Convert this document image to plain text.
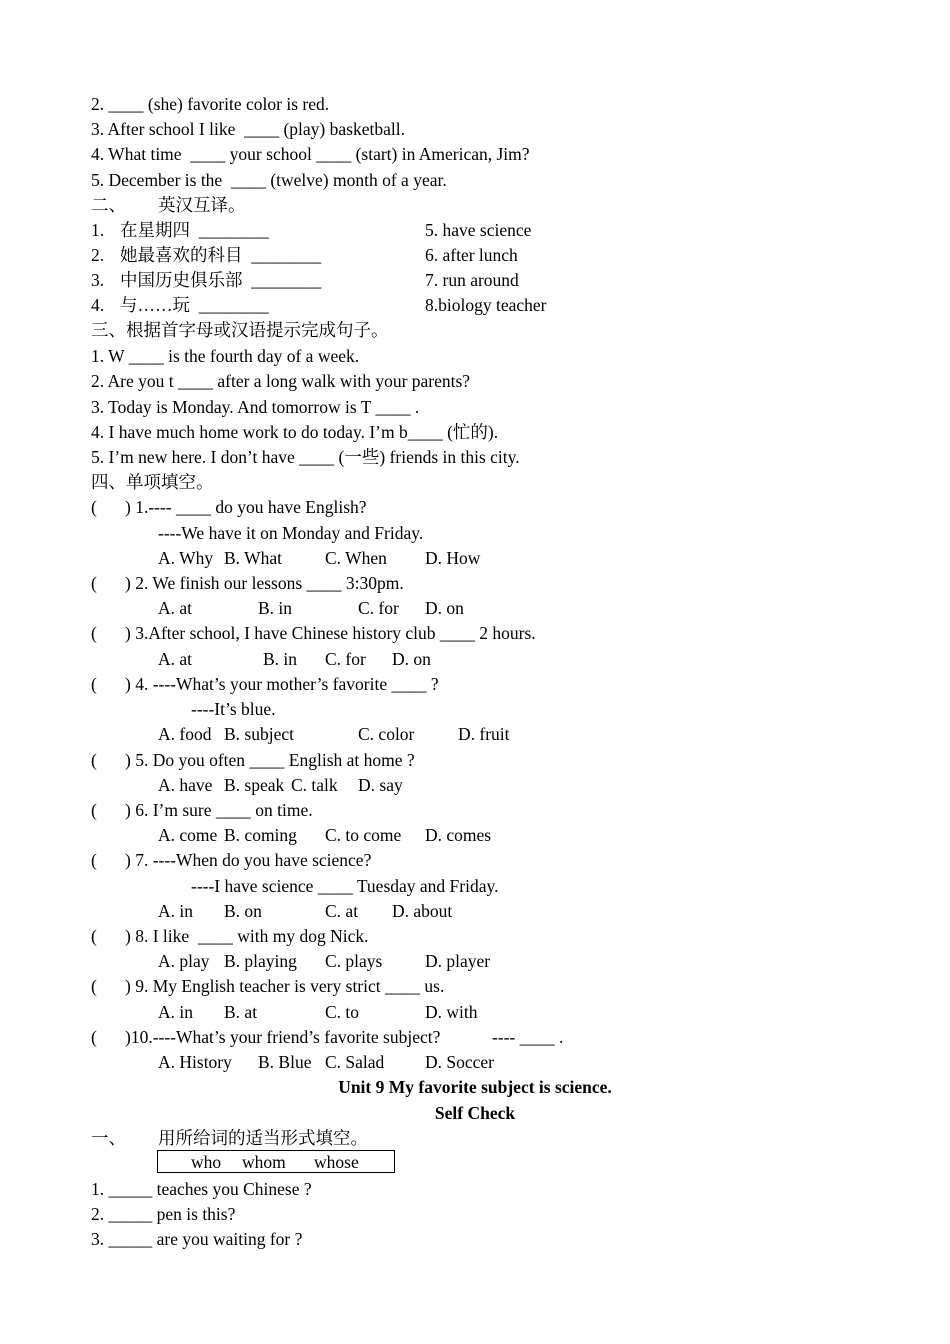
2. ____ (she) favorite color is red.
3. After school I like  ____ (play) basketball.
4. What time  ____ your school ____ (start) in American, Jim?
5. December is the  ____ (twelve) month of a year.
二、 英汉互译。
1. 在星期四  ________	5. have science
2. 她最喜欢的科目  ________	6. after lunch
3. 中国历史俱乐部  ________	7. run around
4. 与……玩  ________	8.biology teacher
三、根据首字母或汉语提示完成句子。
1. W ____ is the fourth day of a week.
2. Are you t ____ after a long walk with your parents?
3. Today is Monday. And tomorrow is T ____ .
4. I have much home work to do today. I’m b____ (忙的).
5. I’m new here. I don’t have ____ (一些) friends in this city.
四、单项填空。
( ) 1.---- ____ do you have English?
----We have it on Monday and Friday.
A. Why B. What C. When D. How
( ) 2. We finish our lessons ____ 3:30pm.
A. at	B. in	C. for D. on
( ) 3.After school, I have Chinese history club ____ 2 hours.
A. at	B. in C. for D. on
( ) 4. ----What’s your mother’s favorite ____ ?
----It’s blue.
A. food B. subject	C. color D. fruit
( ) 5. Do you often ____ English at home ?
A. have B. speak C. talk D. say
( ) 6. I’m sure ____ on time.
A. come B. coming C. to come D. comes
( ) 7. ----When do you have science?
----I have science ____ Tuesday and Friday.
A. in B. on	C. at D. about
( ) 8. I like  ____ with my dog Nick.
A. play B. playing C. plays D. player
( ) 9. My English teacher is very strict ____ us.
A. in B. at	C. to	D. with
( )10.----What’s your friend’s favorite subject?	---- ____ .
A. History B. Blue C. Salad D. Soccer
Unit 9 My favorite subject is science.
Self Check
一、 用所给词的适当形式填空。
who whom whose
1. _____ teaches you Chinese ?
2. _____ pen is this?
3. _____ are you waiting for ?
